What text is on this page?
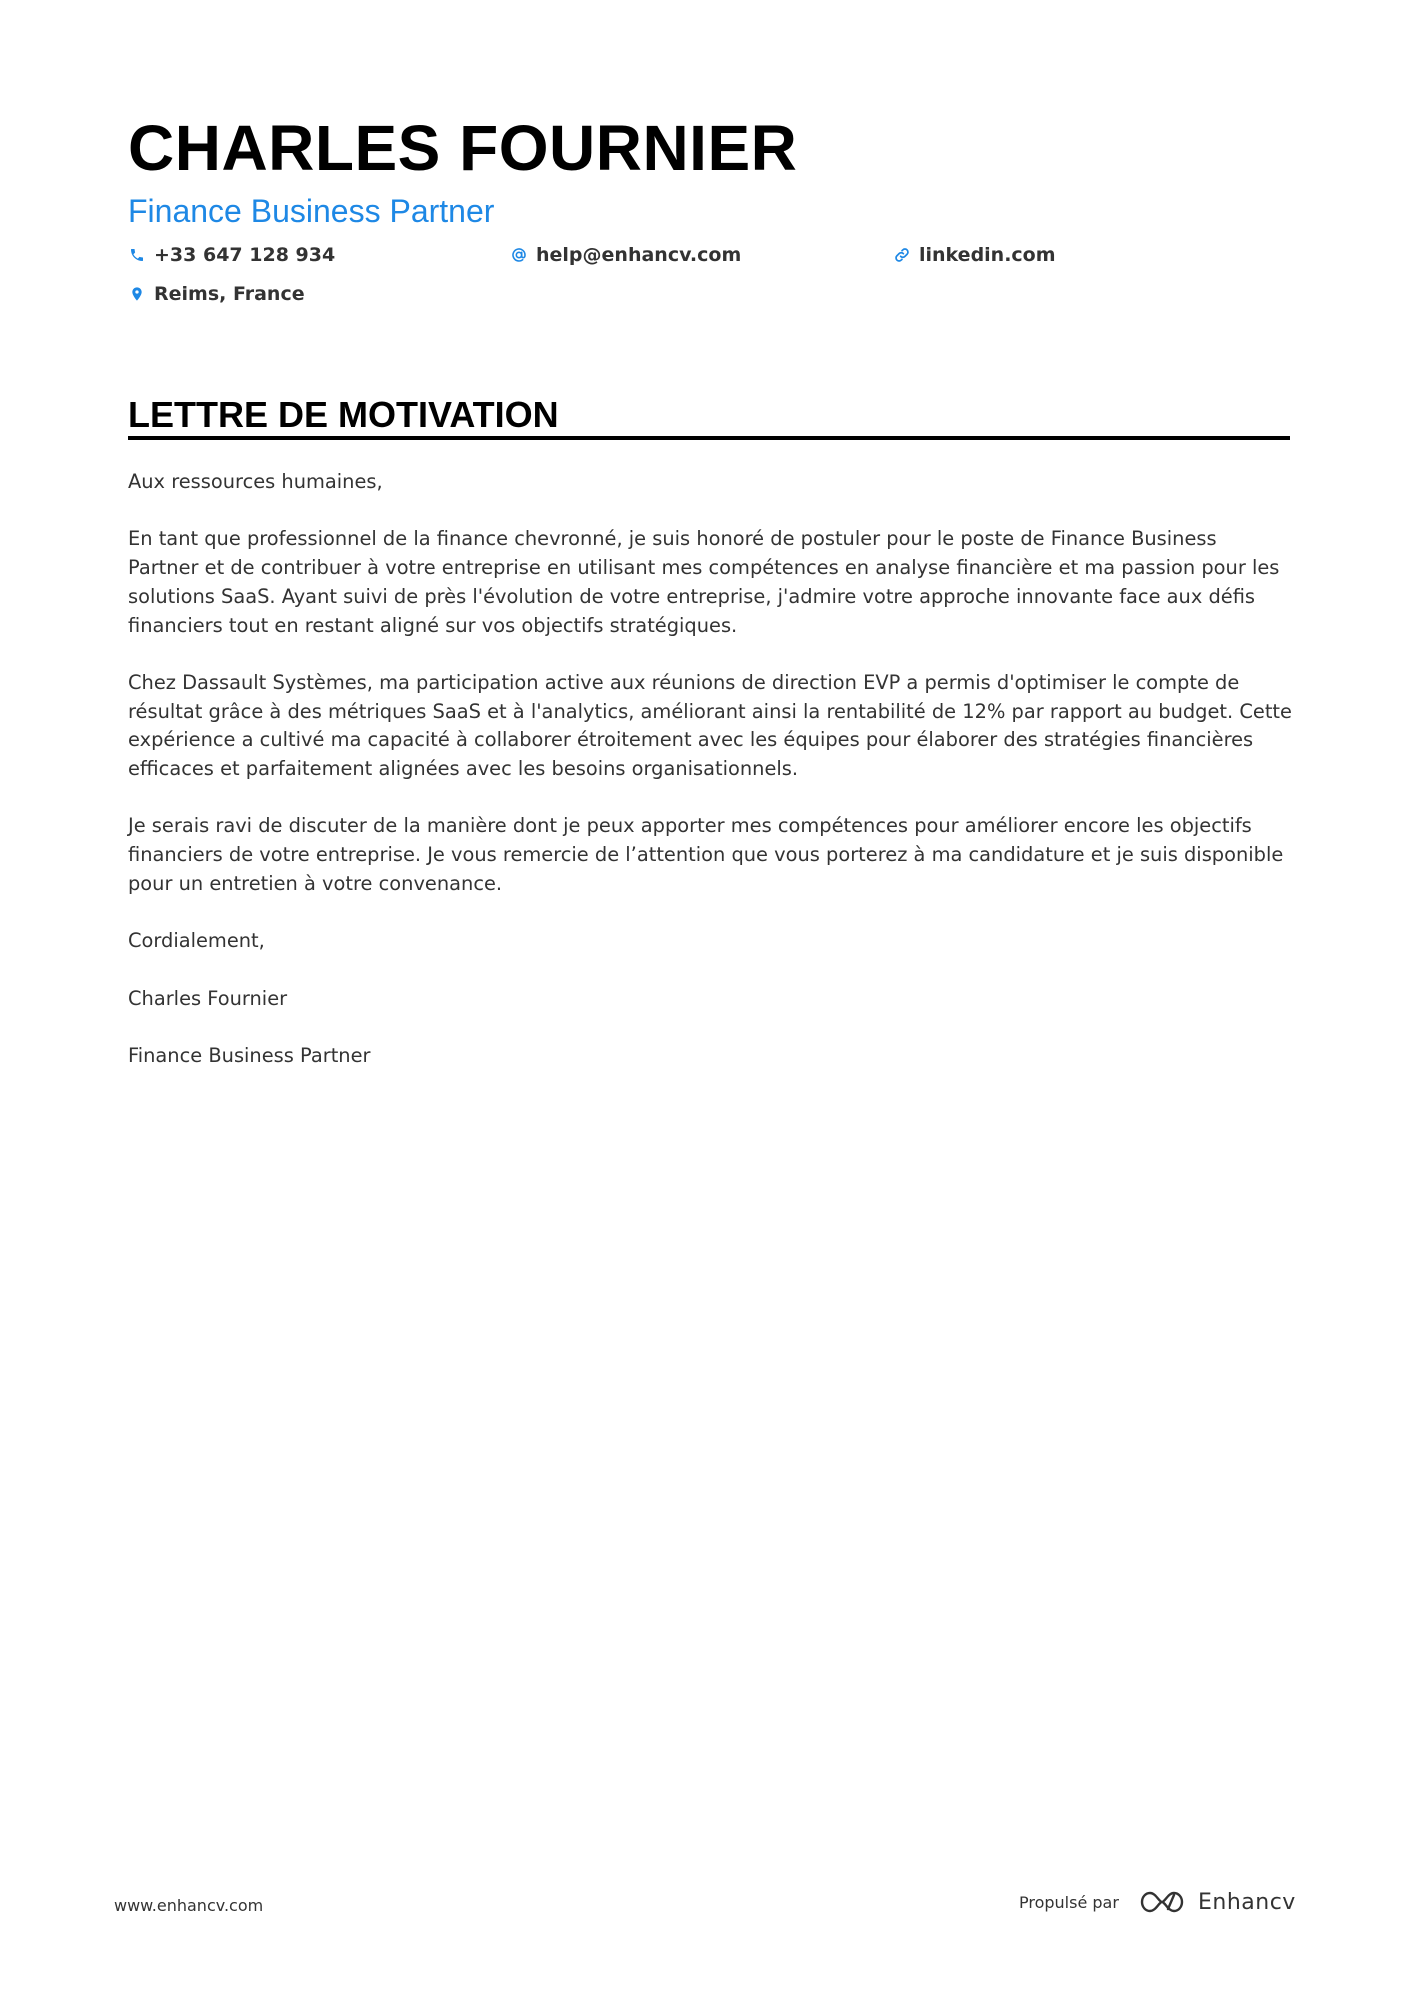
CHARLES FOURNIER
Finance Business Partner
+33 647 128 934	help@enhancv.com	linkedin.com
Reims, France
LETTRE DE MOTIVATION

Aux ressources humaines,

En tant que professionnel de la finance chevronné, je suis honoré de postuler pour le poste de Finance Business Partner et de contribuer à votre entreprise en utilisant mes compétences en analyse financière et ma passion pour les solutions SaaS. Ayant suivi de près l'évolution de votre entreprise, j'admire votre approche innovante face aux défis financiers tout en restant aligné sur vos objectifs stratégiques.

Chez Dassault Systèmes, ma participation active aux réunions de direction EVP a permis d'optimiser le compte de résultat grâce à des métriques SaaS et à l'analytics, améliorant ainsi la rentabilité de 12% par rapport au budget. Cette expérience a cultivé ma capacité à collaborer étroitement avec les équipes pour élaborer des stratégies financières efficaces et parfaitement alignées avec les besoins organisationnels.

Je serais ravi de discuter de la manière dont je peux apporter mes compétences pour améliorer encore les objectifs financiers de votre entreprise. Je vous remercie de l’attention que vous porterez à ma candidature et je suis disponible pour un entretien à votre convenance.

Cordialement,

Charles Fournier

Finance Business Partner

www.enhancv.com	Propulsé par	Enhancv
